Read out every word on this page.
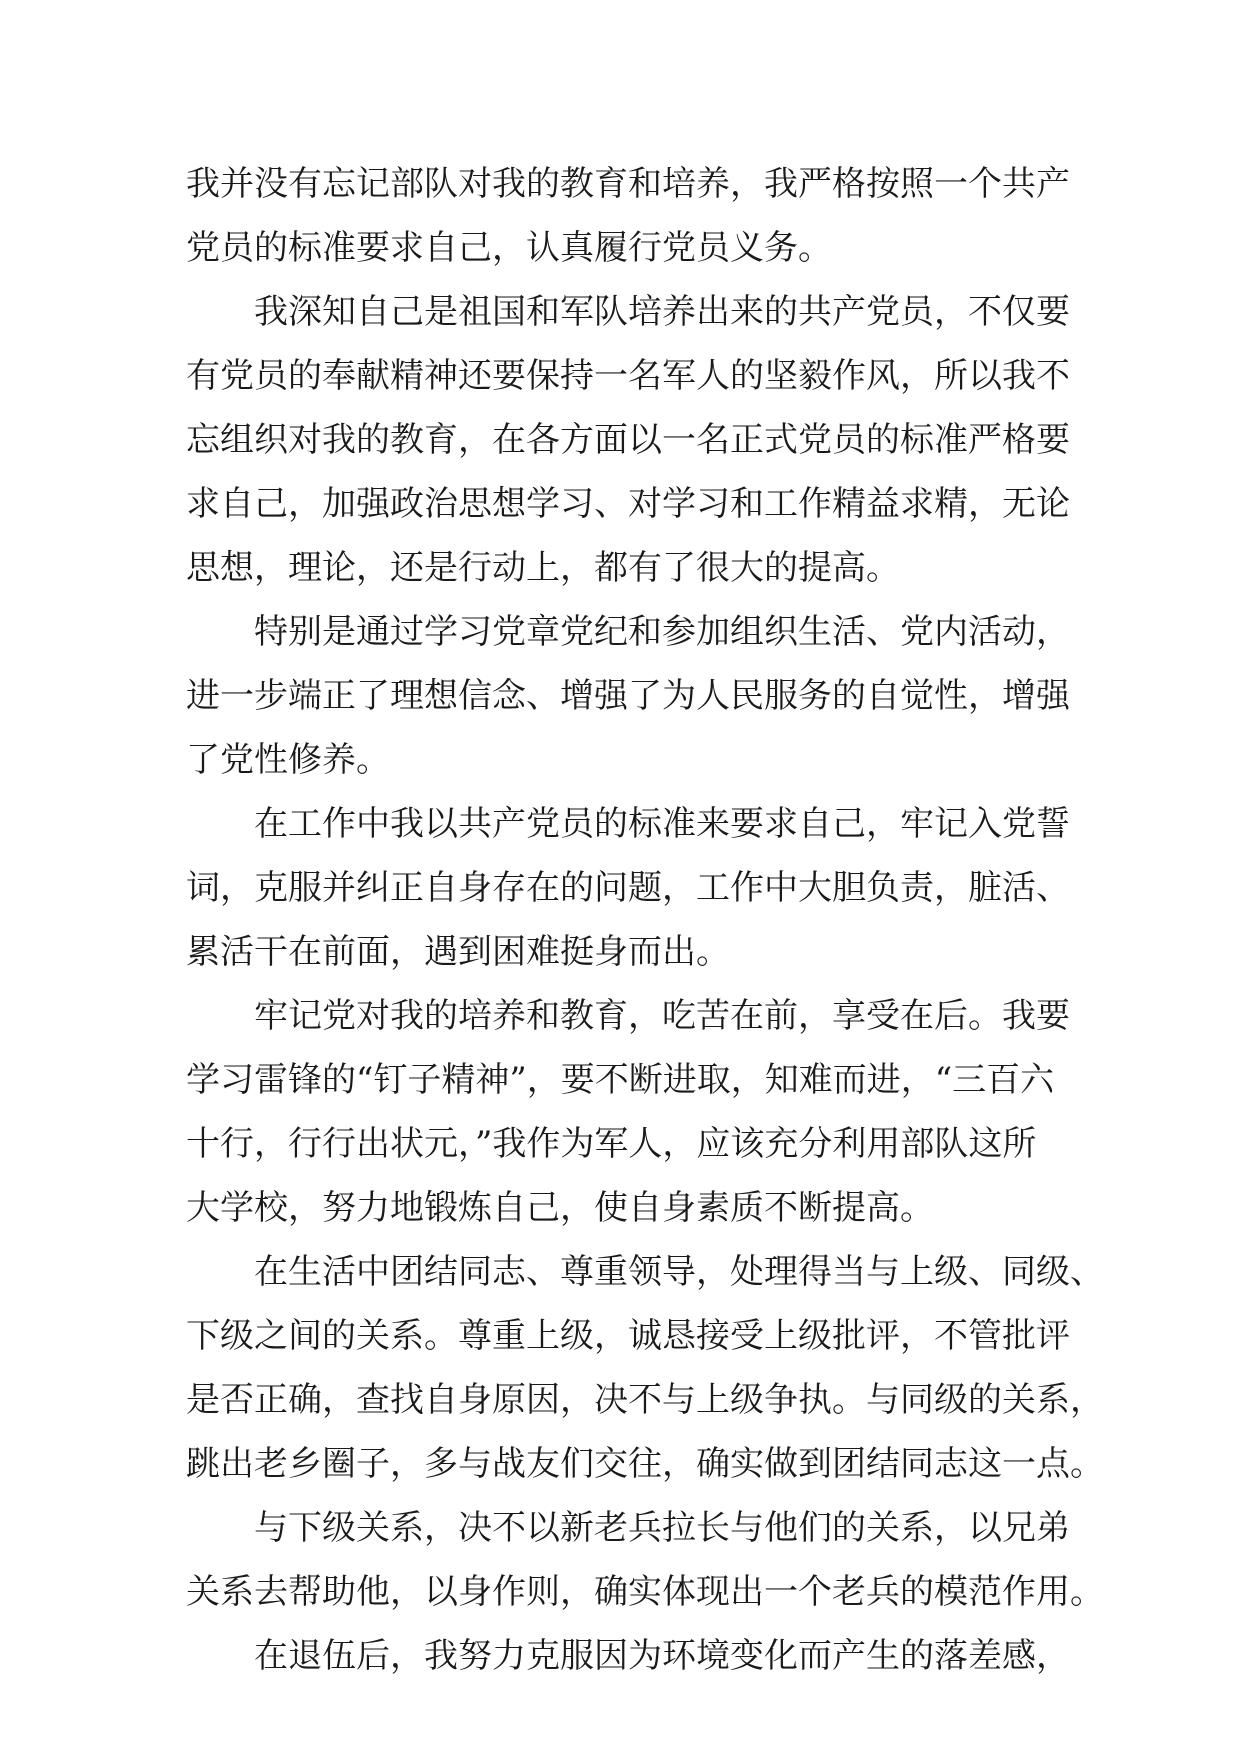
我并没有忘记部队对我的教育和培养，我严格按照一个共产
党员的标准要求自己，认真履行党员义务。
我深知自己是祖国和军队培养出来的共产党员，不仅要
有党员的奉献精神还要保持一名军人的坚毅作风，所以我不
忘组织对我的教育，在各方面以一名正式党员的标准严格要
求自己，加强政治思想学习、对学习和工作精益求精，无论
思想，理论，还是行动上，都有了很大的提高。
特别是通过学习党章党纪和参加组织生活、党内活动，
进一步端正了理想信念、增强了为人民服务的自觉性，增强
了党性修养。
在工作中我以共产党员的标准来要求自己，牢记入党誓
词，克服并纠正自身存在的问题，工作中大胆负责，脏活、
累活干在前面，遇到困难挺身而出。
牢记党对我的培养和教育，吃苦在前，享受在后。我要
学习雷锋的“钉子精神”，要不断进取，知难而进，“三百六
十行，行行出状元，”我作为军人，应该充分利用部队这所
大学校，努力地锻炼自己，使自身素质不断提高。
在生活中团结同志、尊重领导，处理得当与上级、同级、
下级之间的关系。尊重上级，诚恳接受上级批评，不管批评
是否正确，查找自身原因，决不与上级争执。与同级的关系，
跳出老乡圈子，多与战友们交往，确实做到团结同志这一点。
与下级关系，决不以新老兵拉长与他们的关系，以兄弟
关系去帮助他，以身作则，确实体现出一个老兵的模范作用。
在退伍后，我努力克服因为环境变化而产生的落差感，
